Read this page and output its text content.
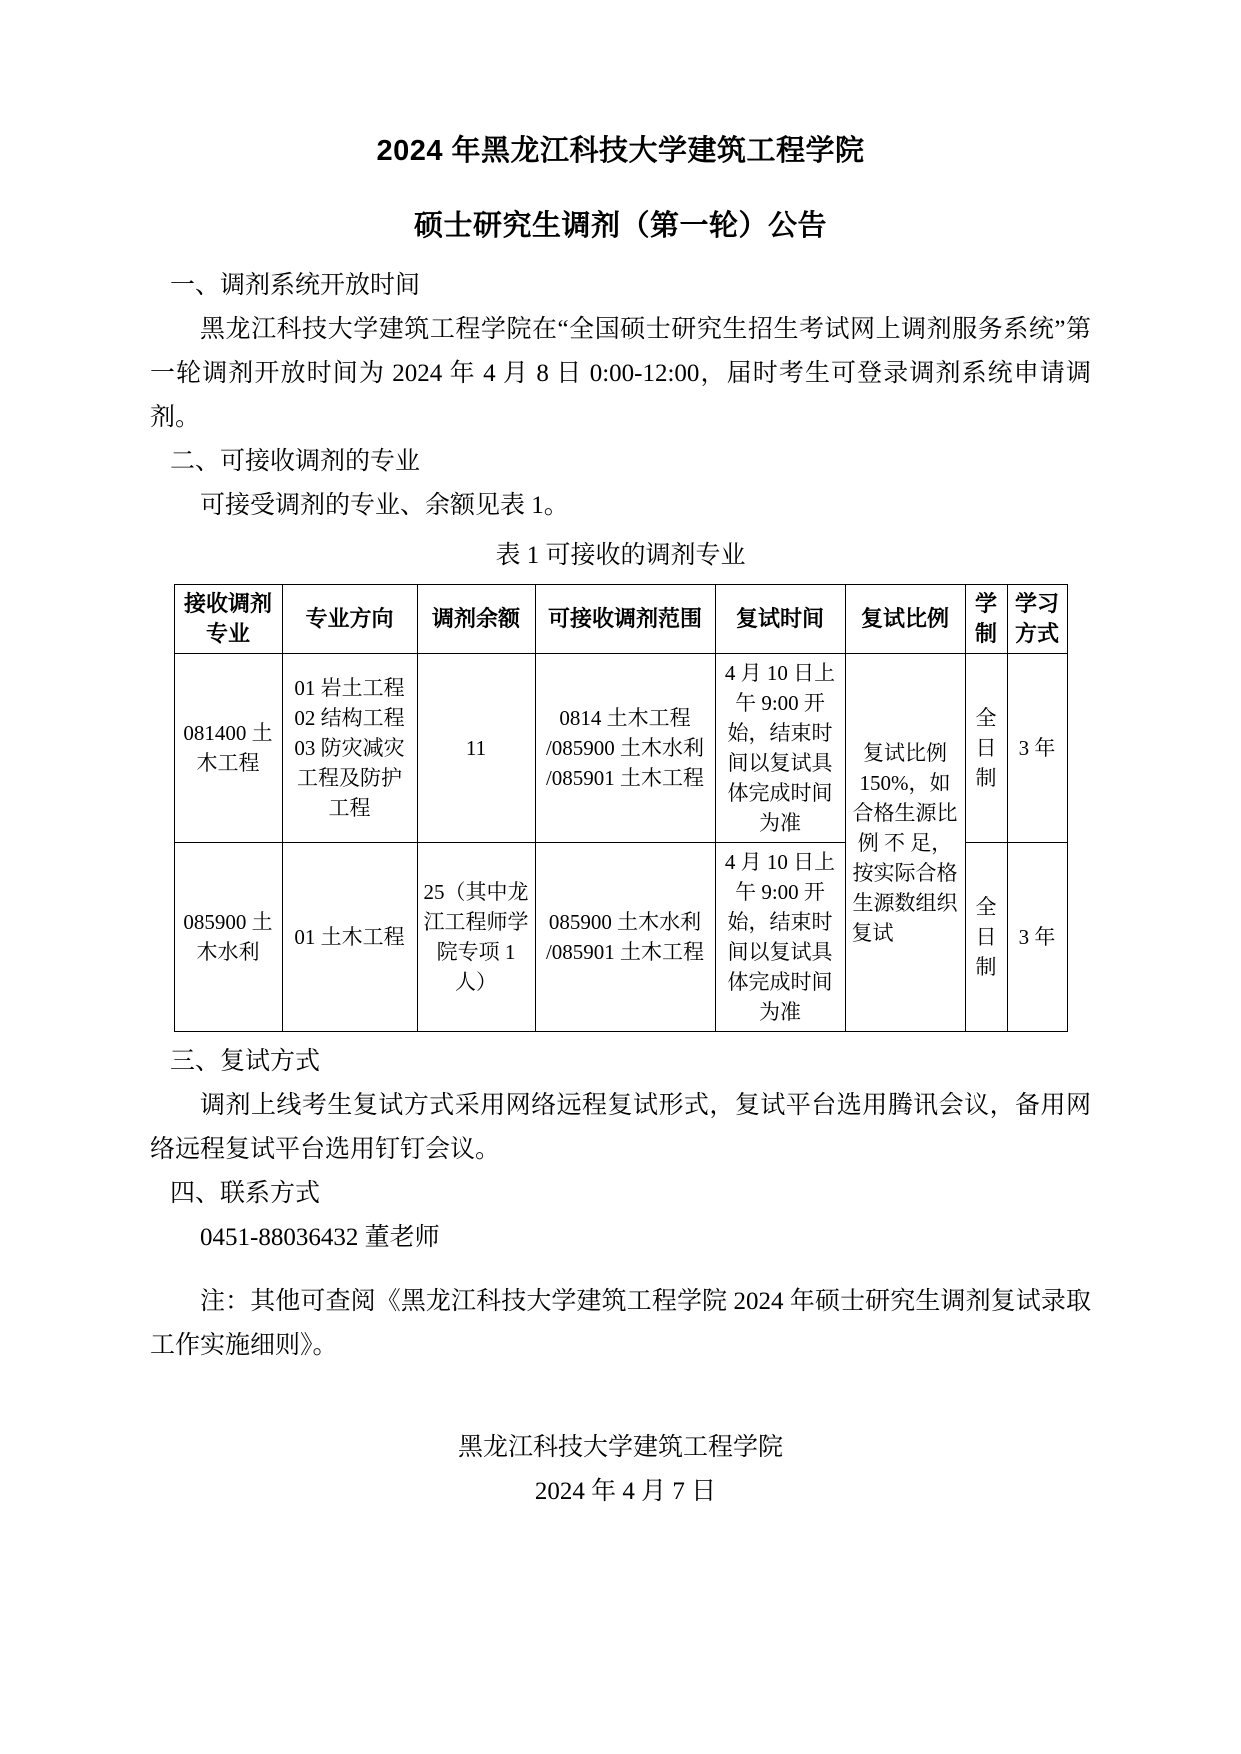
2024 年黑龙江科技大学建筑工程学院
硕士研究生调剂（第一轮）公告
一、调剂系统开放时间
黑龙江科技大学建筑工程学院在“全国硕士研究生招生考试网上调剂服务系统”第一轮调剂开放时间为 2024 年 4 月 8 日 0:00-12:00，届时考生可登录调剂系统申请调剂。
二、可接收调剂的专业
可接受调剂的专业、余额见表 1。
表 1 可接收的调剂专业
接收调剂专业	专业方向	调剂余额	可接收调剂范围	复试时间	复试比例	学制	学习方式
081400 土木工程	01 岩土工程 02 结构工程 03 防灾减灾工程及防护工程	11	0814 土木工程 /085900 土木水利 /085901 土木工程	4 月 10 日上午 9:00 开始，结束时间以复试具体完成时间为准	复试比例 150%，如合格生源比 例 不 足，按实际合格生源数组织复试	全日制	3 年
085900 土木水利	01 土木工程	25（其中龙江工程师学院专项 1 人）	085900 土木水利 /085901 土木工程	4 月 10 日上午 9:00 开始，结束时间以复试具体完成时间为准		全日制	3 年
三、复试方式
调剂上线考生复试方式采用网络远程复试形式，复试平台选用腾讯会议，备用网络远程复试平台选用钉钉会议。
四、联系方式
0451-88036432 董老师
注：其他可查阅《黑龙江科技大学建筑工程学院 2024 年硕士研究生调剂复试录取工作实施细则》。
黑龙江科技大学建筑工程学院
2024 年 4 月 7 日
